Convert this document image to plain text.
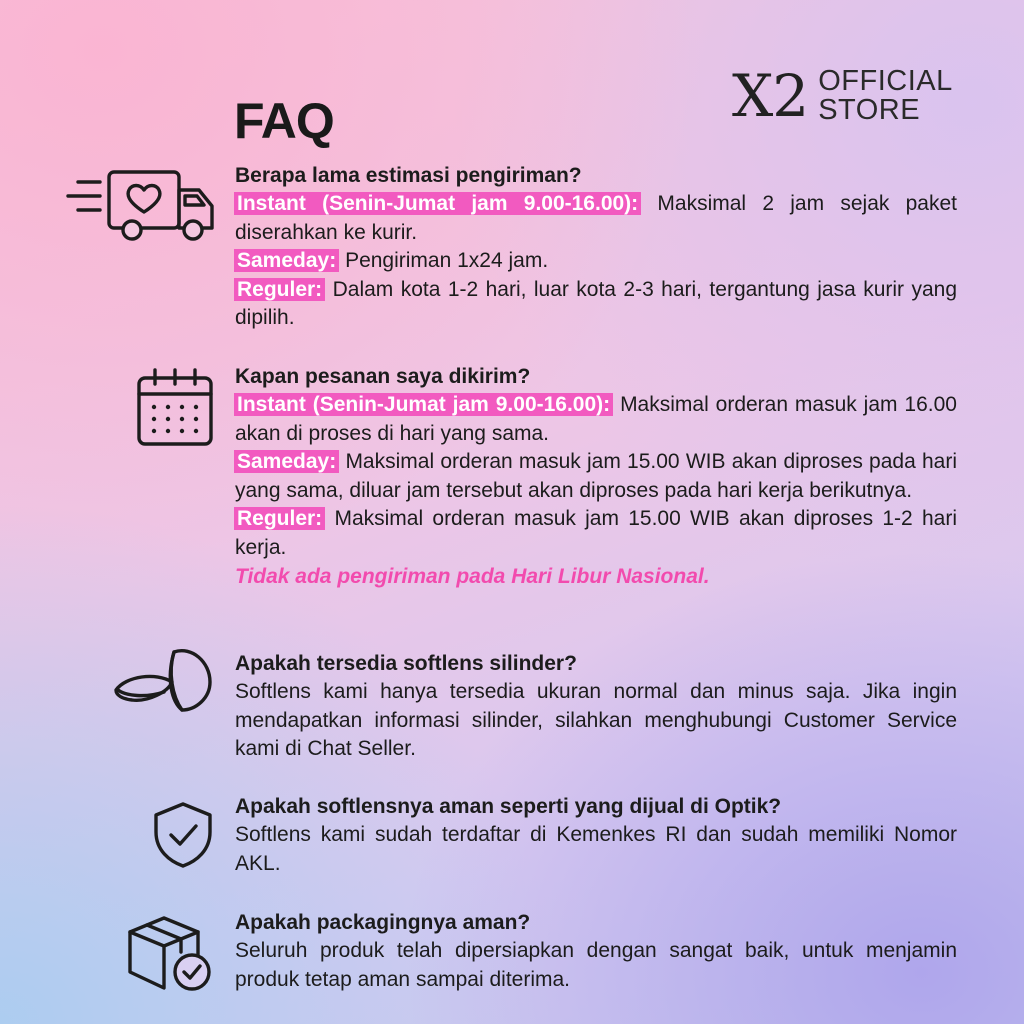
X2 OFFICIAL
STORE
FAQ
Berapa lama estimasi pengiriman?

Instant (Senin-Jumat jam 9.00-16.00): Maksimal 2 jam sejak paket diserahkan ke kurir.

Sameday: Pengiriman 1x24 jam.

Reguler: Dalam kota 1-2 hari, luar kota 2-3 hari, tergantung jasa kurir yang dipilih.

Kapan pesanan saya dikirim?

Instant (Senin-Jumat jam 9.00-16.00): Maksimal orderan masuk jam 16.00 akan di proses di hari yang sama.

Sameday: Maksimal orderan masuk jam 15.00 WIB akan diproses pada hari yang sama, diluar jam tersebut akan diproses pada hari kerja berikutnya.

Reguler: Maksimal orderan masuk jam 15.00 WIB akan diproses 1-2 hari kerja.

Tidak ada pengiriman pada Hari Libur Nasional.

Apakah tersedia softlens silinder?

Softlens kami hanya tersedia ukuran normal dan minus saja. Jika ingin mendapatkan informasi silinder, silahkan menghubungi Customer Service kami di Chat Seller.

Apakah softlensnya aman seperti yang dijual di Optik?

Softlens kami sudah terdaftar di Kemenkes RI dan sudah memiliki Nomor AKL.

Apakah packagingnya aman?

Seluruh produk telah dipersiapkan dengan sangat baik, untuk menjamin produk tetap aman sampai diterima.
